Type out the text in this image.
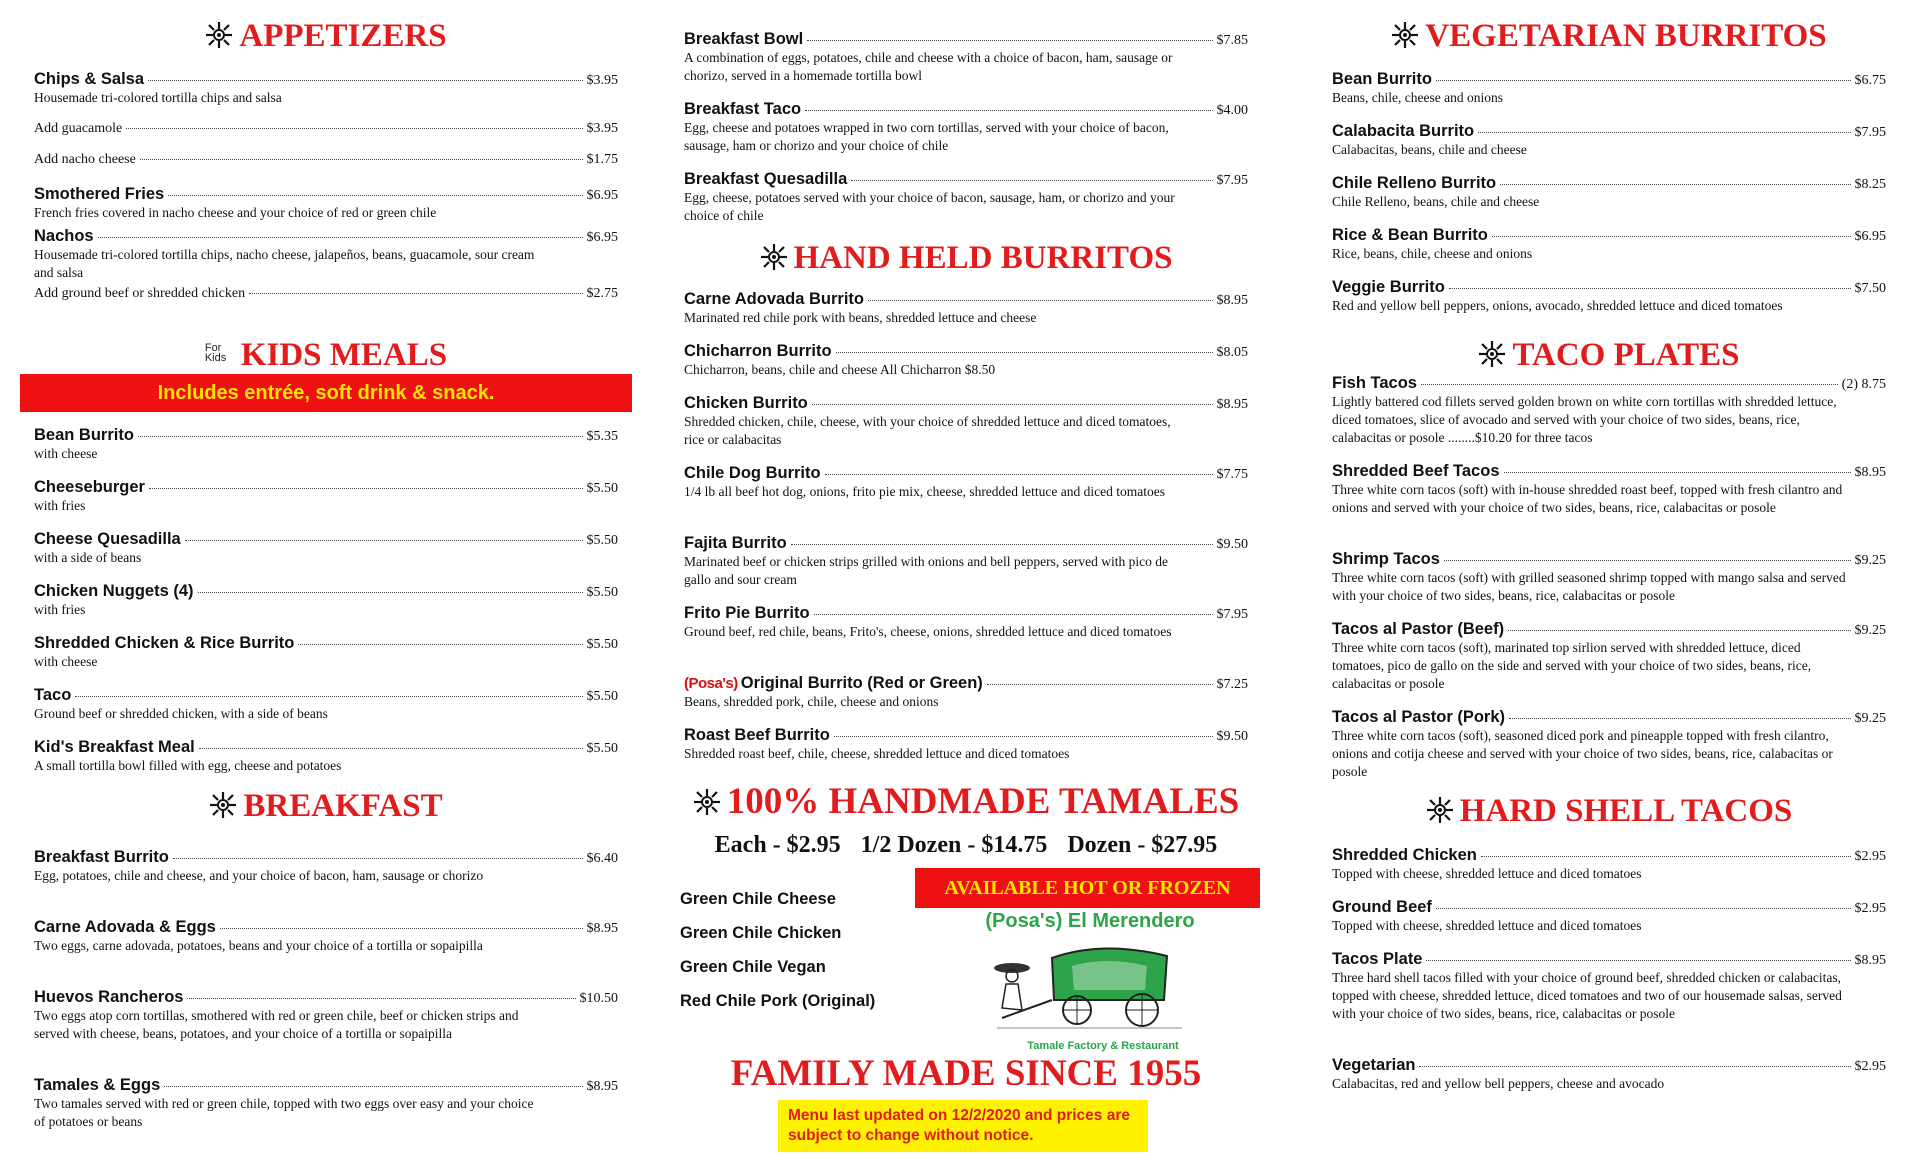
APPETIZERS
Chips & Salsa	$3.95
Housemade tri-colored tortilla chips and salsa
Add guacamole	$3.95
Add nacho cheese	$1.75
Smothered Fries	$6.95
French fries covered in nacho cheese and your choice of red or green chile
Nachos	$6.95
Housemade tri-colored tortilla chips, nacho cheese, jalapeños, beans, guacamole, sour cream and salsa
Add ground beef or shredded chicken	$2.75
For Kids KIDS MEALS
Includes entrée, soft drink & snack.
Bean Burrito	$5.35
with cheese
Cheeseburger	$5.50
with fries
Cheese Quesadilla	$5.50
with a side of beans
Chicken Nuggets (4)	$5.50
with fries
Shredded Chicken & Rice Burrito	$5.50
with cheese
Taco	$5.50
Ground beef or shredded chicken, with a side of beans
Kid's Breakfast Meal	$5.50
A small tortilla bowl filled with egg, cheese and potatoes
BREAKFAST
Breakfast Burrito	$6.40
Egg, potatoes, chile and cheese, and your choice of bacon, ham, sausage or chorizo
Carne Adovada & Eggs	$8.95
Two eggs, carne adovada, potatoes, beans and your choice of a tortilla or sopaipilla
Huevos Rancheros	$10.50
Two eggs atop corn tortillas, smothered with red or green chile, beef or chicken strips and served with cheese, beans, potatoes, and your choice of a tortilla or sopaipilla
Tamales & Eggs	$8.95
Two tamales served with red or green chile, topped with two eggs over easy and your choice of potatoes or beans
Breakfast Bowl	$7.85
A combination of eggs, potatoes, chile and cheese with a choice of bacon, ham, sausage or chorizo, served in a homemade tortilla bowl
Breakfast Taco	$4.00
Egg, cheese and potatoes wrapped in two corn tortillas, served with your choice of bacon, sausage, ham or chorizo and your choice of chile
Breakfast Quesadilla	$7.95
Egg, cheese, potatoes served with your choice of bacon, sausage, ham, or chorizo and your choice of chile
HAND HELD BURRITOS
Carne Adovada Burrito	$8.95
Marinated red chile pork with beans, shredded lettuce and cheese
Chicharron Burrito	$8.05
Chicharron, beans, chile and cheese All Chicharron $8.50
Chicken Burrito	$8.95
Shredded chicken, chile, cheese, with your choice of shredded lettuce and diced tomatoes, rice or calabacitas
Chile Dog Burrito	$7.75
1/4 lb all beef hot dog, onions, frito pie mix, cheese, shredded lettuce and diced tomatoes
Fajita Burrito	$9.50
Marinated beef or chicken strips grilled with onions and bell peppers, served with pico de gallo and sour cream
Frito Pie Burrito	$7.95
Ground beef, red chile, beans, Frito's, cheese, onions, shredded lettuce and diced tomatoes
(Posa's) Original Burrito (Red or Green)	$7.25
Beans, shredded pork, chile, cheese and onions
Roast Beef Burrito	$9.50
Shredded roast beef, chile, cheese, shredded lettuce and diced tomatoes
100% HANDMADE TAMALES
Each - $2.95 1/2 Dozen - $14.75 Dozen - $27.95
Green Chile Cheese
Green Chile Chicken
Green Chile Vegan
Red Chile Pork (Original)
AVAILABLE HOT OR FROZEN
(Posa's) El Merendero
Tamale Factory & Restaurant
FAMILY MADE SINCE 1955
Menu last updated on 12/2/2020 and prices are subject to change without notice.
VEGETARIAN BURRITOS
Bean Burrito	$6.75
Beans, chile, cheese and onions
Calabacita Burrito	$7.95
Calabacitas, beans, chile and cheese
Chile Relleno Burrito	$8.25
Chile Relleno, beans, chile and cheese
Rice & Bean Burrito	$6.95
Rice, beans, chile, cheese and onions
Veggie Burrito	$7.50
Red and yellow bell peppers, onions, avocado, shredded lettuce and diced tomatoes
TACO PLATES
Fish Tacos	(2) 8.75
Lightly battered cod fillets served golden brown on white corn tortillas with shredded lettuce, diced tomatoes, slice of avocado and served with your choice of two sides, beans, rice, calabacitas or posole ........$10.20 for three tacos
Shredded Beef Tacos	$8.95
Three white corn tacos (soft) with in-house shredded roast beef, topped with fresh cilantro and onions and served with your choice of two sides, beans, rice, calabacitas or posole
Shrimp Tacos	$9.25
Three white corn tacos (soft) with grilled seasoned shrimp topped with mango salsa and served with your choice of two sides, beans, rice, calabacitas or posole
Tacos al Pastor (Beef)	$9.25
Three white corn tacos (soft), marinated top sirlion served with shredded lettuce, diced tomatoes, pico de gallo on the side and served with your choice of two sides, beans, rice, calabacitas or posole
Tacos al Pastor (Pork)	$9.25
Three white corn tacos (soft), seasoned diced pork and pineapple topped with fresh cilantro, onions and cotija cheese and served with your choice of two sides, beans, rice, calabacitas or posole
HARD SHELL TACOS
Shredded Chicken	$2.95
Topped with cheese, shredded lettuce and diced tomatoes
Ground Beef	$2.95
Topped with cheese, shredded lettuce and diced tomatoes
Tacos Plate	$8.95
Three hard shell tacos filled with your choice of ground beef, shredded chicken or calabacitas, topped with cheese, shredded lettuce, diced tomatoes and two of our housemade salsas, served with your choice of two sides, beans, rice, calabacitas or posole
Vegetarian	$2.95
Calabacitas, red and yellow bell peppers, cheese and avocado
